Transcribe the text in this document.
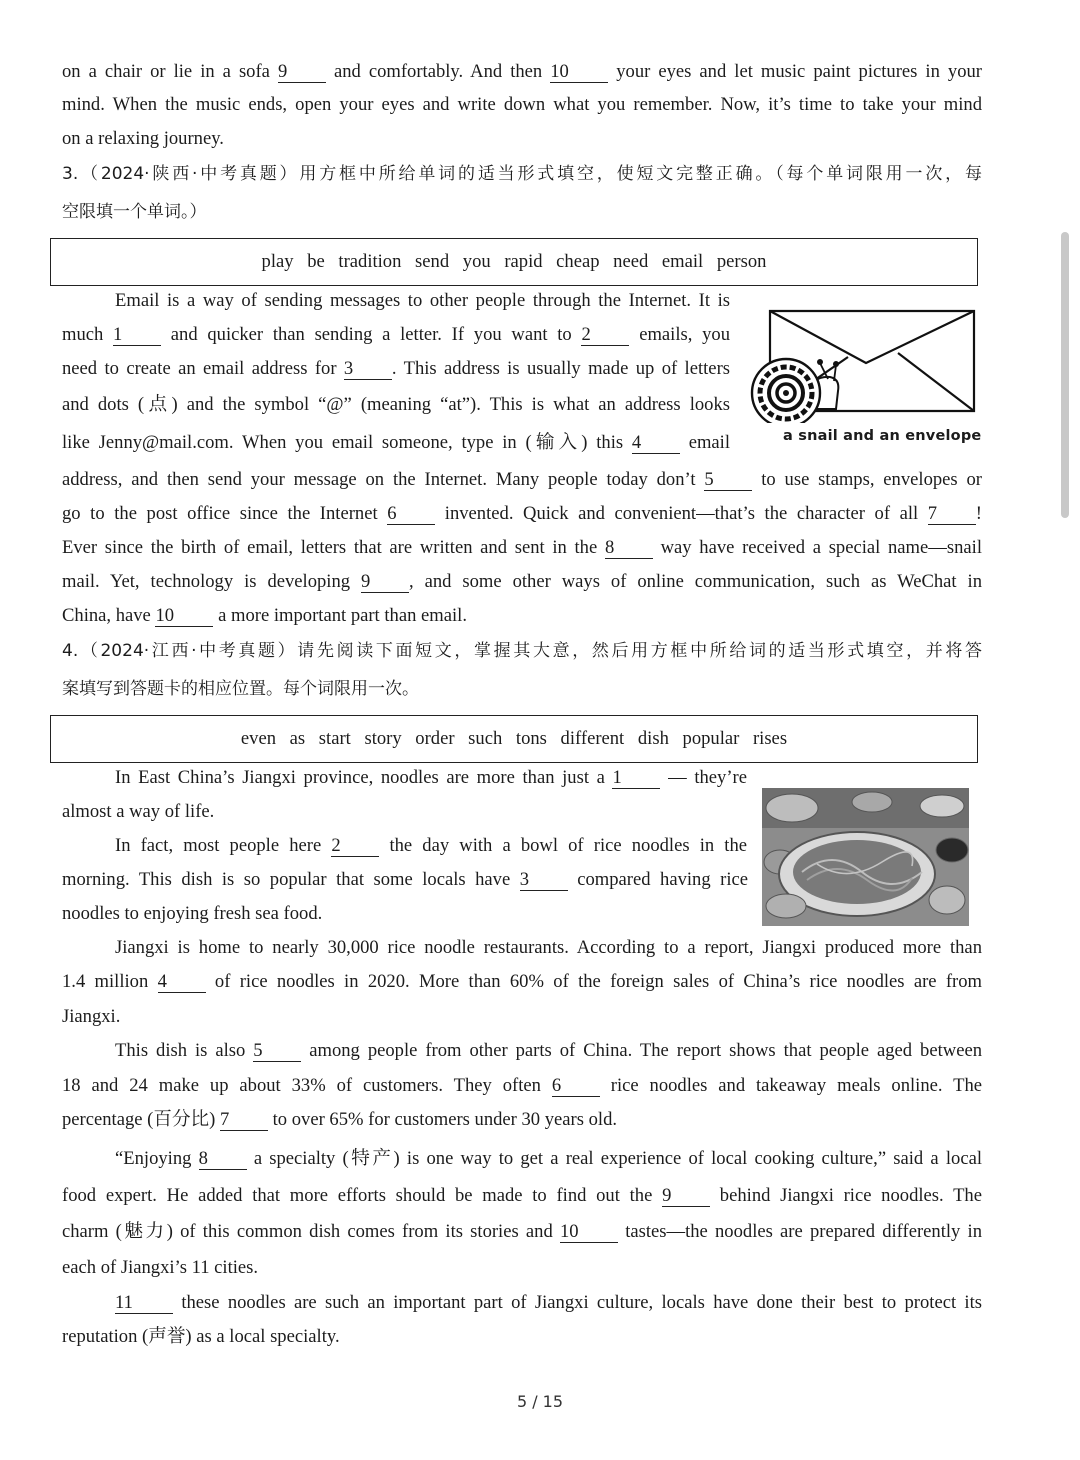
on a chair or lie in a sofa 9 and comfortably. And then 10 your eyes and let music paint pictures in your
mind. When the music ends, open your eyes and write down what you remember. Now, it’s time to take your mind
on a relaxing journey.
3.（2024·陕西·中考真题）用方框中所给单词的适当形式填空，使短文完整正确。（每个单词限用一次，每
空限填一个单词。）
play be tradition send you rapid cheap need email person
Email is a way of sending messages to other people through the Internet. It is
much 1 and quicker than sending a letter. If you want to 2 emails, you
need to create an email address for 3 . This address is usually made up of letters
and dots (点) and the symbol “@” (meaning “at”). This is what an address looks
like Jenny@mail.com. When you email someone, type in (输入) this 4 email
address, and then send your message on the Internet. Many people today don’t 5 to use stamps, envelopes or
go to the post office since the Internet 6 invented. Quick and convenient—that’s the character of all 7 !
Ever since the birth of email, letters that are written and sent in the 8 way have received a special name—snail
mail. Yet, technology is developing 9 , and some other ways of online communication, such as WeChat in
China, have 10 a more important part than email.
a snail and an envelope
4.（2024·江西·中考真题）请先阅读下面短文，掌握其大意，然后用方框中所给词的适当形式填空，并将答
案填写到答题卡的相应位置。每个词限用一次。
even as start story order such tons different dish popular rises
In East China’s Jiangxi province, noodles are more than just a 1 — they’re
almost a way of life.
In fact, most people here 2 the day with a bowl of rice noodles in the
morning. This dish is so popular that some locals have 3 compared having rice
noodles to enjoying fresh sea food.
Jiangxi is home to nearly 30,000 rice noodle restaurants. According to a report, Jiangxi produced more than
1.4 million 4 of rice noodles in 2020. More than 60% of the foreign sales of China’s rice noodles are from
Jiangxi.
This dish is also 5 among people from other parts of China. The report shows that people aged between
18 and 24 make up about 33% of customers. They often 6 rice noodles and takeaway meals online. The
percentage (百分比) 7 to over 65% for customers under 30 years old.
“Enjoying 8 a specialty (特产) is one way to get a real experience of local cooking culture,” said a local
food expert. He added that more efforts should be made to find out the 9 behind Jiangxi rice noodles. The
charm (魅力) of this common dish comes from its stories and 10 tastes—the noodles are prepared differently in
each of Jiangxi’s 11 cities.
11 these noodles are such an important part of Jiangxi culture, locals have done their best to protect its
reputation (声誉) as a local specialty.
5 / 15
